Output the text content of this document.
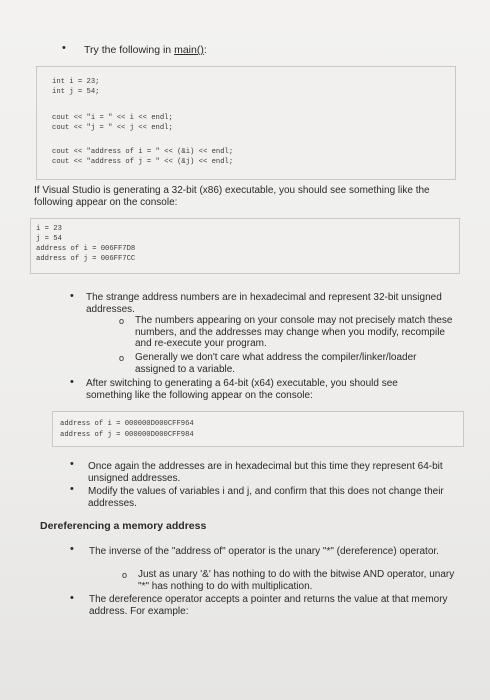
• Try the following in main():
int i = 23;
int j = 54;
cout << "i = " << i << endl;
cout << "j = " << j << endl;
cout << "address of i = " << (&i) << endl;
cout << "address of j = " << (&j) << endl;
If Visual Studio is generating a 32-bit (x86) executable, you should see something like the following appear on the console:
i = 23
j = 54
address of i = 006FF7D8
address of j = 006FF7CC
• The strange address numbers are in hexadecimal and represent 32-bit unsigned addresses.
o The numbers appearing on your console may not precisely match these numbers, and the addresses may change when you modify, recompile and re-execute your program.
o Generally we don't care what address the compiler/linker/loader assigned to a variable.
• After switching to generating a 64-bit (x64) executable, you should see something like the following appear on the console:
address of i = 000000D000CFF964
address of j = 000000D000CFF984
• Once again the addresses are in hexadecimal but this time they represent 64-bit unsigned addresses.
• Modify the values of variables i and j, and confirm that this does not change their addresses.
Dereferencing a memory address
• The inverse of the "address of" operator is the unary "*" (dereference) operator.
o Just as unary '&' has nothing to do with the bitwise AND operator, unary "*" has nothing to do with multiplication.
• The dereference operator accepts a pointer and returns the value at that memory address. For example:
